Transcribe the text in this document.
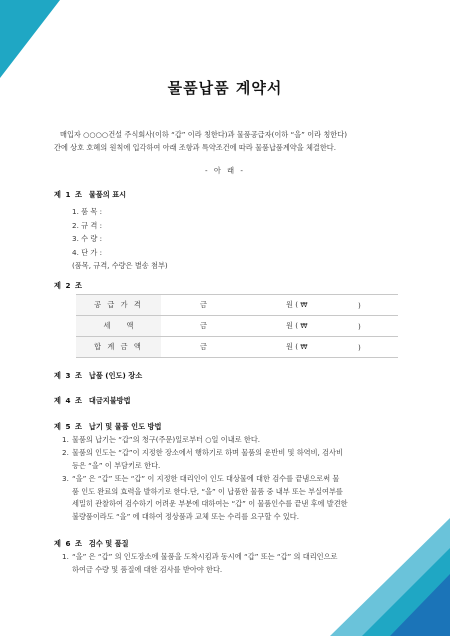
물품납품 계약서

매입자 ○○○○건설 주식회사(이하 “갑” 이라 칭한다)과 물품공급자(이하 “을” 이라 칭한다)

간에 상호 호혜의 원칙에 입각하여 아래 조항과 특약조건에 따라 물품납품계약을 체결한다.

- 아 래 -
제 1 조 물품의 표시
1. 품 목 :
2. 규 격 :
3. 수 량 :
4. 단 가 :
(품목, 규격, 수량은 별송 첨부)
제 2 조
공 급 가 격	금	원 ( ₩	)
세       액	금	원 ( ₩	)
합 계 금 액	금	원 ( ₩	)
제 3 조 납품 (인도) 장소
제 4 조 대금지불방법
제 5 조 납기 및 물품 인도 방법
1. 물품의 납기는 “갑”의 청구(주문)일로부터 ○일 이내로 한다.
2. 물품의 인도는 “갑”이 지정한 장소에서 행하기로 하며 물품의 운반비 및 하역비, 검사비
등은 “을” 이 부담키로 한다.
3. “을” 은 “갑” 또는 “갑” 이 지정한 대리인이 인도 대상물에 대한 검수를 끝냄으로써 물
품 인도 완료의 효력을 발하기로 한다.단, “을” 이 납품한 물품 중 내부 또는 부실여부를
세밀히 관찰하여 검수하기 어려운 부분에 대하여는 “갑” 이 물품인수를 끝낸 후에 발견한
불량품이라도 “을” 에 대하여 정상품과 교체 또는 수리를 요구할 수 있다.
제 6 조 검수 및 품질
1. “을” 은 “갑” 의 인도장소에 물품을 도착시킴과 동시에 “갑” 또는 “갑” 의 대리인으로
하여금 수량 및 품질에 대한 검사를 받아야 한다.
